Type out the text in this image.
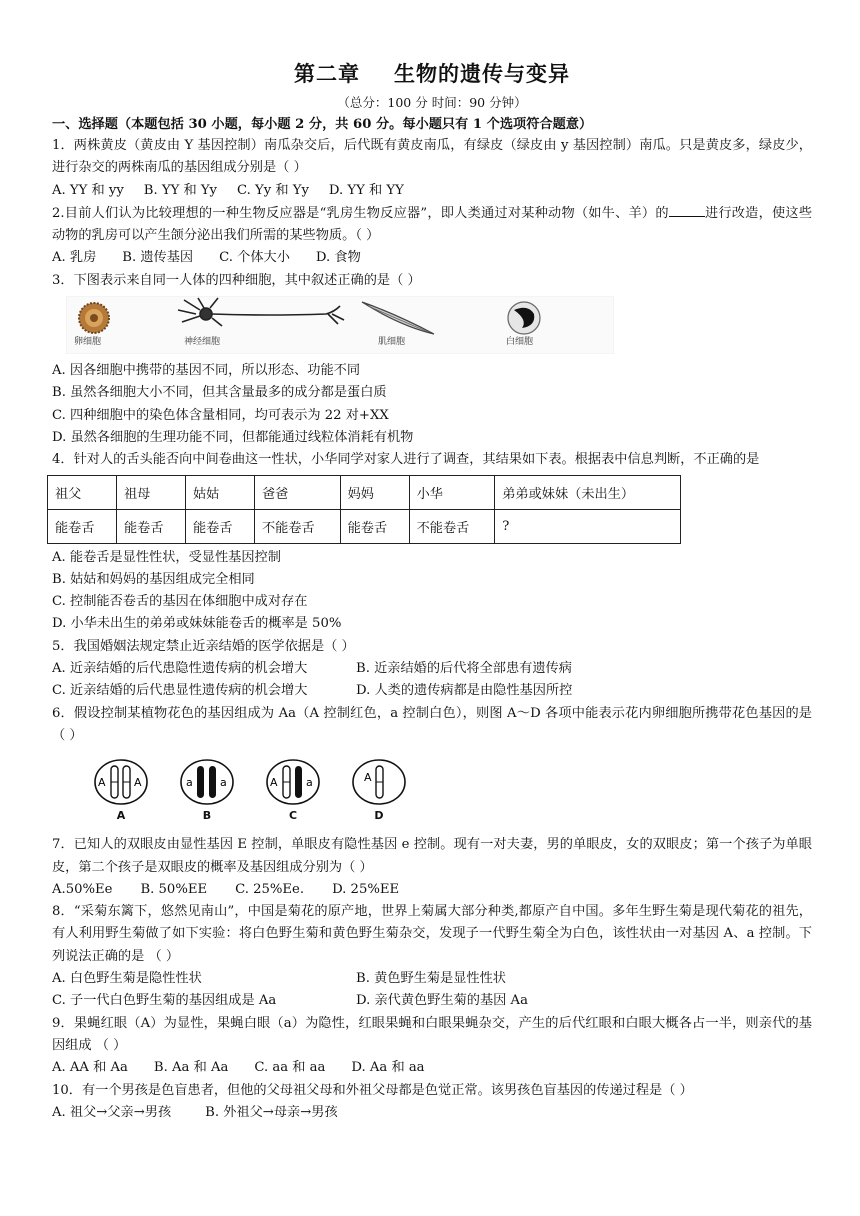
第二章 生物的遗传与变异
（总分：100 分 时间：90 分钟）
一、选择题（本题包括 30 小题，每小题 2 分，共 60 分。每小题只有 1 个选项符合题意）

1．两株黄皮（黄皮由 Y 基因控制）南瓜杂交后，后代既有黄皮南瓜，有绿皮（绿皮由 y 基因控制）南瓜。只是黄皮多，绿皮少，进行杂交的两株南瓜的基因组成分别是（ ）

A. YY 和 yy B. YY 和 Yy C. Yy 和 Yy D. YY 和 YY

2.目前人们认为比较理想的一种生物反应器是“乳房生物反应器”，即人类通过对某种动物（如牛、羊）的	进行改造，使这些动物的乳房可以产生颌分泌出我们所需的某些物质。（ ）

A. 乳房 B. 遗传基因 C. 个体大小 D. 食物

3．下图表示来自同一人体的四种细胞，其中叙述正确的是（ ）

卵细胞	神经细胞	肌细胞	白细胞

A. 因各细胞中携带的基因不同，所以形态、功能不同

B. 虽然各细胞大小不同，但其含量最多的成分都是蛋白质

C. 四种细胞中的染色体含量相同，均可表示为 22 对+XX

D. 虽然各细胞的生理功能不同，但都能通过线粒体消耗有机物

4．针对人的舌头能否向中间卷曲这一性状，小华同学对家人进行了调查，其结果如下表。根据表中信息判断，不正确的是

祖父	祖母	姑姑	爸爸	妈妈	小华	弟弟或妹妹（未出生）
能卷舌	能卷舌	能卷舌	不能卷舌	能卷舌	不能卷舌	?

A. 能卷舌是显性性状，受显性基因控制

B. 姑姑和妈妈的基因组成完全相同

C. 控制能否卷舌的基因在体细胞中成对存在

D. 小华未出生的弟弟或妹妹能卷舌的概率是 50%

5．我国婚姻法规定禁止近亲结婚的医学依据是（ ）

A. 近亲结婚的后代患隐性遗传病的机会增大	B. 近亲结婚的后代将全部患有遗传病
C. 近亲结婚的后代患显性遗传病的机会增大	D. 人类的遗传病都是由隐性基因所控

6．假设控制某植物花色的基因组成为 Aa（A 控制红色，a 控制白色），则图 A～D 各项中能表示花内卵细胞所携带花色基因的是（ ）

A	A
A
a a
B
A	a
C
A
D

7．已知人的双眼皮由显性基因 E 控制，单眼皮有隐性基因 e 控制。现有一对夫妻，男的单眼皮，女的双眼皮；第一个孩子为单眼皮，第二个孩子是双眼皮的概率及基因组成分别为（ ）

A.50%Ee B. 50%EE C. 25%Ee. D. 25%EE

8．“采菊东篱下，悠然见南山”，中国是菊花的原产地，世界上菊属大部分种类,都原产自中国。多年生野生菊是现代菊花的祖先，有人利用野生菊做了如下实验：将白色野生菊和黄色野生菊杂交，发现子一代野生菊全为白色，该性状由一对基因 A、a 控制。下列说法正确的是 （ ）

A. 白色野生菊是隐性性状	B. 黄色野生菊是显性性状
C. 子一代白色野生菊的基因组成是 Aa	D. 亲代黄色野生菊的基因 Aa

9．果蝇红眼（A）为显性，果蝇白眼（a）为隐性，红眼果蝇和白眼果蝇杂交，产生的后代红眼和白眼大概各占一半，则亲代的基因组成 （ ）

A. AA 和 Aa B. Aa 和 Aa C. aa 和 aa D. Aa 和 aa

10．有一个男孩是色盲患者，但他的父母祖父母和外祖父母都是色觉正常。该男孩色盲基因的传递过程是（ ）

A. 祖父→父亲→男孩	B. 外祖父→母亲→男孩
